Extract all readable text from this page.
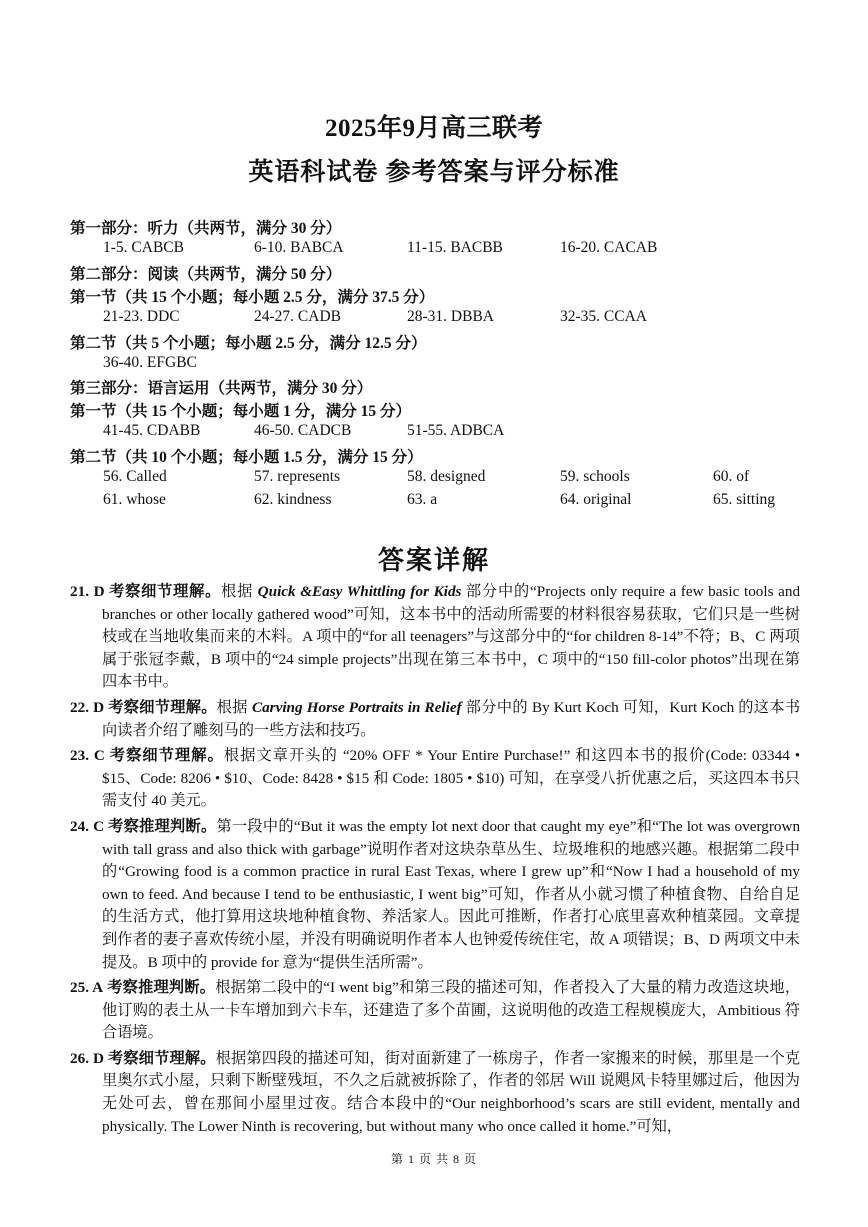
2025年9月高三联考
英语科试卷 参考答案与评分标准
第一部分：听力（共两节，满分 30 分）
1-5. CABCB	6-10. BABCA	11-15. BACBB	16-20. CACAB
第二部分：阅读（共两节，满分 50 分）
第一节（共 15 个小题；每小题 2.5 分，满分 37.5 分）
21-23. DDC	24-27. CADB	28-31. DBBA	32-35. CCAA
第二节（共 5 个小题；每小题 2.5 分，满分 12.5 分）
36-40. EFGBC
第三部分：语言运用（共两节，满分 30 分）
第一节（共 15 个小题；每小题 1 分，满分 15 分）
41-45. CDABB	46-50. CADCB	51-55. ADBCA
第二节（共 10 个小题；每小题 1.5 分，满分 15 分）
56. Called	57. represents	58. designed	59. schools	60. of
61. whose	62. kindness	63. a	64. original	65. sitting
答案详解

21. D 考察细节理解。根据 Quick &Easy Whittling for Kids 部分中的“Projects only require a few basic tools and branches or other locally gathered wood”可知，这本书中的活动所需要的材料很容易获取，它们只是一些树枝或在当地收集而来的木料。A 项中的“for all teenagers”与这部分中的“for children 8-14”不符；B、C 两项属于张冠李戴，B 项中的“24 simple projects”出现在第三本书中，C 项中的“150 fill-color photos”出现在第四本书中。

22. D 考察细节理解。根据 Carving Horse Portraits in Relief 部分中的 By Kurt Koch 可知，Kurt Koch 的这本书向读者介绍了雕刻马的一些方法和技巧。

23. C 考察细节理解。根据文章开头的 “20% OFF * Your Entire Purchase!” 和这四本书的报价(Code: 03344 • $15、Code: 8206 • $10、Code: 8428 • $15 和 Code: 1805 • $10) 可知，在享受八折优惠之后，买这四本书只需支付 40 美元。

24. C 考察推理判断。第一段中的“But it was the empty lot next door that caught my eye”和“The lot was overgrown with tall grass and also thick with garbage”说明作者对这块杂草丛生、垃圾堆积的地感兴趣。根据第二段中的“Growing food is a common practice in rural East Texas, where I grew up”和“Now I had a household of my own to feed. And because I tend to be enthusiastic, I went big”可知，作者从小就习惯了种植食物、自给自足的生活方式，他打算用这块地种植食物、养活家人。因此可推断，作者打心底里喜欢种植菜园。文章提到作者的妻子喜欢传统小屋，并没有明确说明作者本人也钟爱传统住宅，故 A 项错误；B、D 两项文中未提及。B 项中的 provide for 意为“提供生活所需”。

25. A 考察推理判断。根据第二段中的“I went big”和第三段的描述可知，作者投入了大量的精力改造这块地，他订购的表土从一卡车增加到六卡车，还建造了多个苗圃，这说明他的改造工程规模庞大，Ambitious 符合语境。

26. D 考察细节理解。根据第四段的描述可知，街对面新建了一栋房子，作者一家搬来的时候，那里是一个克里奥尔式小屋，只剩下断壁残垣，不久之后就被拆除了，作者的邻居 Will 说飓风卡特里娜过后，他因为无处可去，曾在那间小屋里过夜。结合本段中的“Our neighborhood’s scars are still evident, mentally and physically. The Lower Ninth is recovering, but without many who once called it home.”可知，

第 1 页 共 8 页
